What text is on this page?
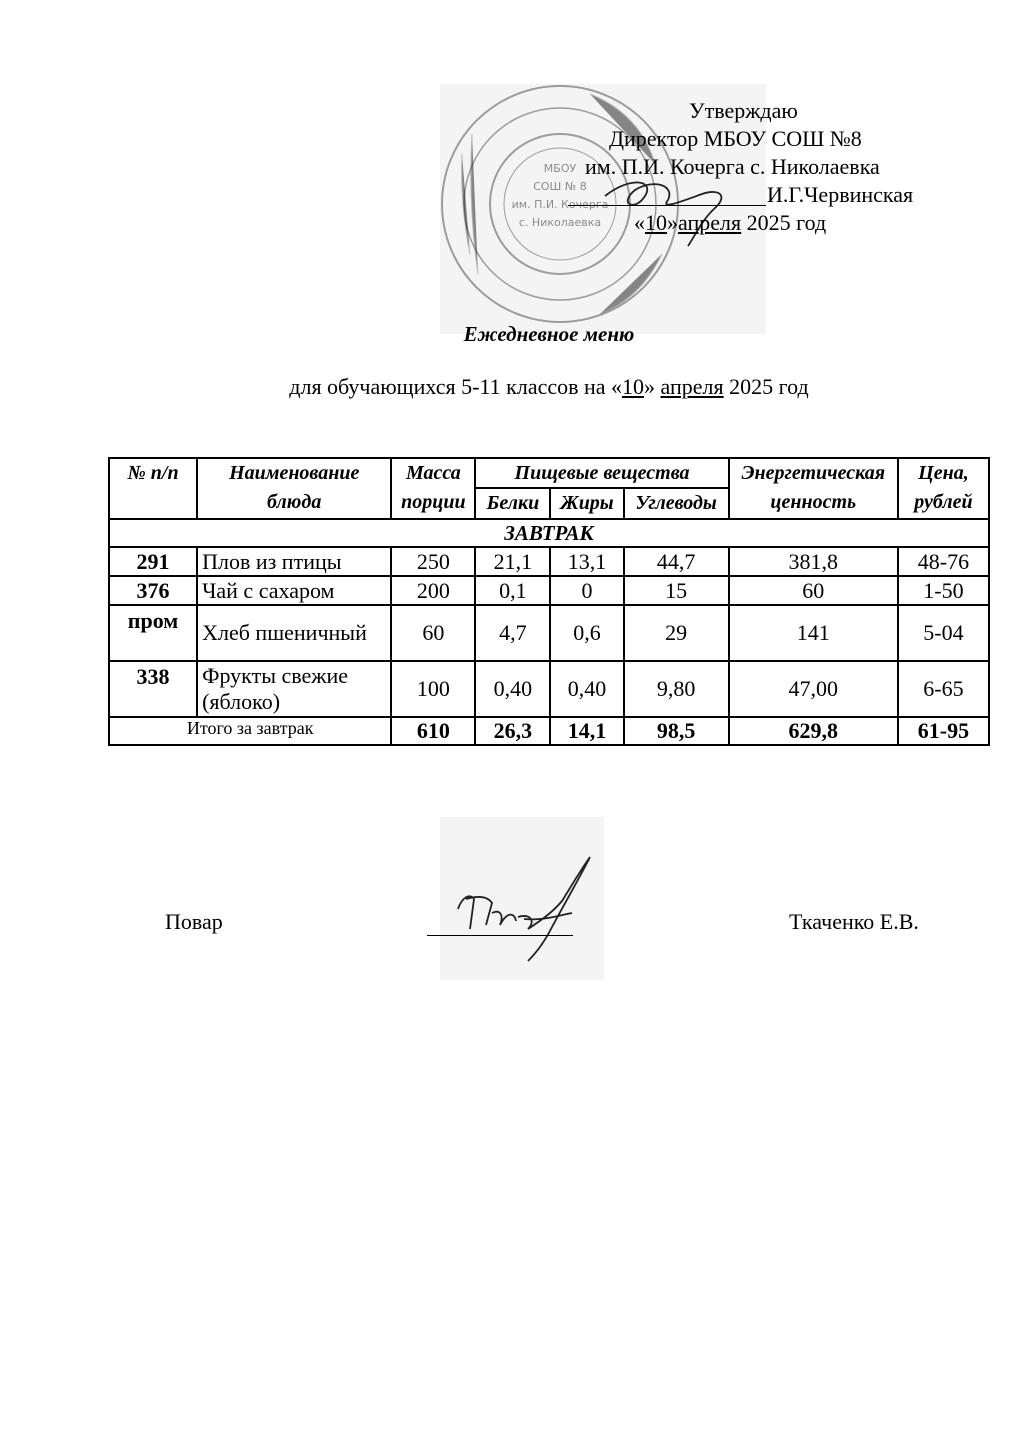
МБОУ
СОШ № 8
им. П.И. Кочерга
с. Николаевка
Утверждаю
Директор МБОУ СОШ №8
им. П.И. Кочерга с. Николаевка
И.Г.Червинская
«10»апреля 2025 год
Ежедневное меню
для обучающихся 5-11 классов на «10» апреля 2025 год
№ п/п	Наименование блюда	Масса порции	Пищевые вещества			Энергетическая ценность	Цена, рублей
			Белки	Жиры	Углеводы		
ЗАВТРАК							
291	Плов из птицы	250	21,1	13,1	44,7	381,8	48-76
376	Чай с сахаром	200	0,1	0	15	60	1-50
пром	Хлеб пшеничный	60	4,7	0,6	29	141	5-04
338	Фрукты свежие (яблоко)	100	0,40	0,40	9,80	47,00	6-65
Итого за завтрак		610	26,3	14,1	98,5	629,8	61-95
Повар	Ткаченко Е.В.
